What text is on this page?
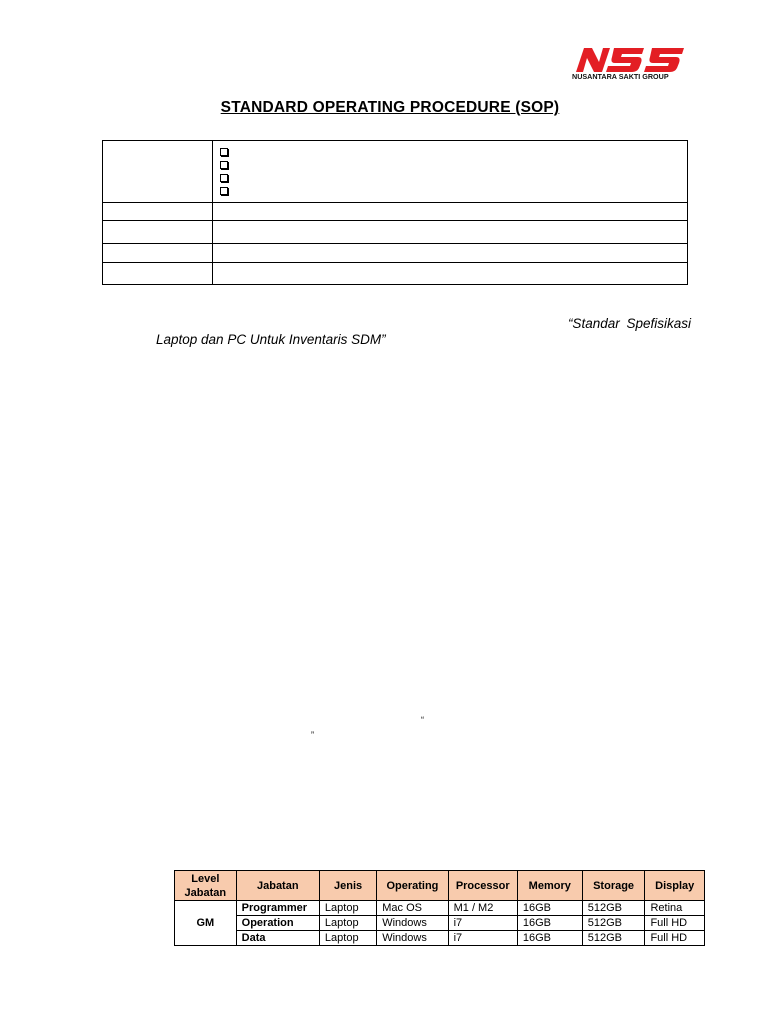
NUSANTARA SAKTI GROUP
STANDARD OPERATING PROCEDURE (SOP)

“Standar Spefisikasi
Laptop dan PC Untuk Inventaris SDM”
“
”
Level Jabatan	Jabatan	Jenis	Operating	Processor	Memory	Storage	Display
GM	Programmer	Laptop	Mac OS	M1 / M2	16GB	512GB	Retina
	Operation	Laptop	Windows	i7	16GB	512GB	Full HD
	Data	Laptop	Windows	i7	16GB	512GB	Full HD
